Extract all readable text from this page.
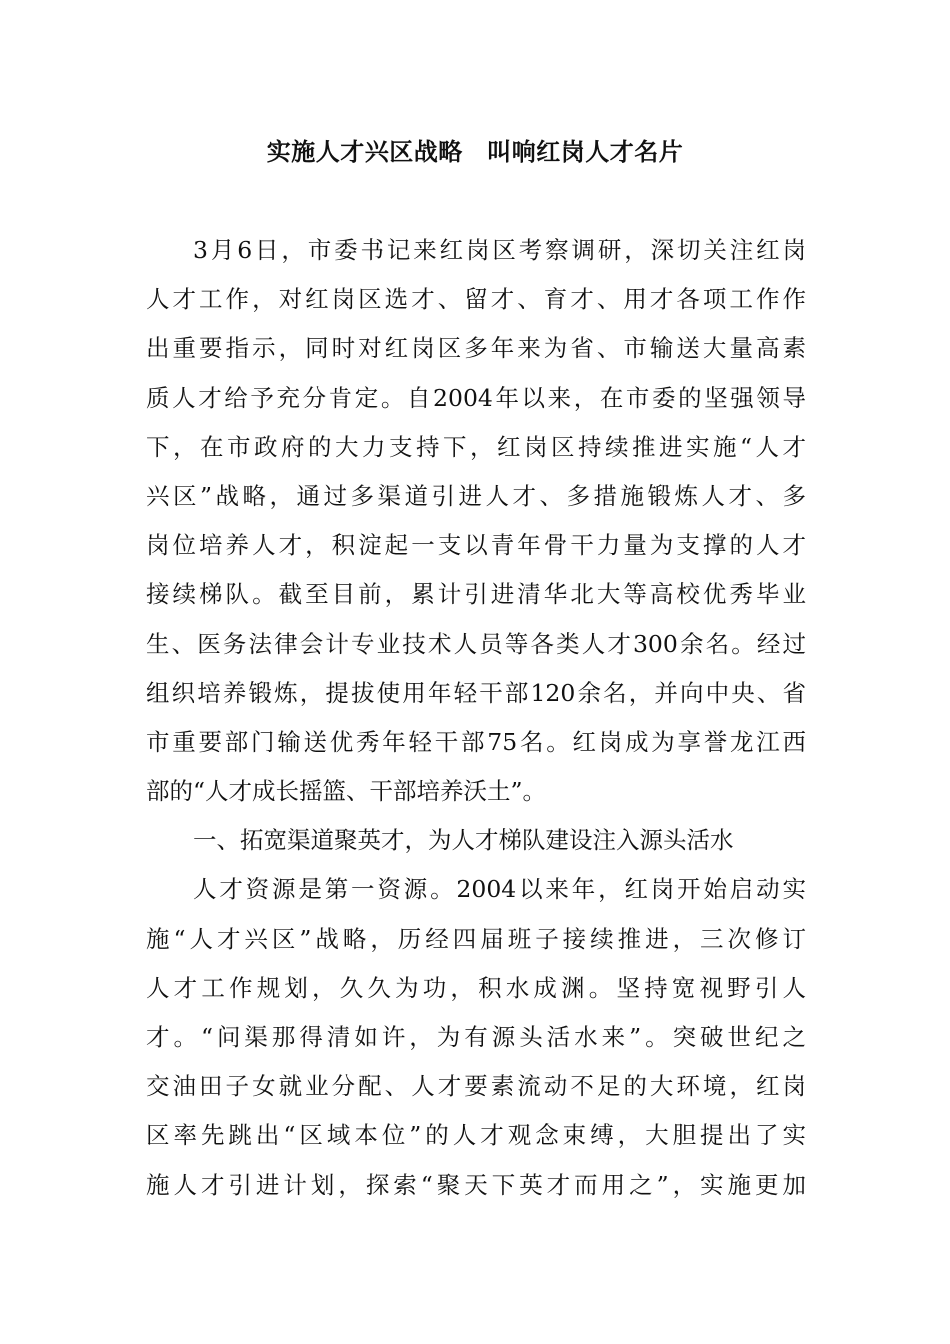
实施人才兴区战略　叫响红岗人才名片
3月6日，市委书记来红岗区考察调研，深切关注红岗
人才工作，对红岗区选才、留才、育才、用才各项工作作
出重要指示，同时对红岗区多年来为省、市输送大量高素
质人才给予充分肯定。自2004年以来，在市委的坚强领导
下，在市政府的大力支持下，红岗区持续推进实施“人才
兴区”战略，通过多渠道引进人才、多措施锻炼人才、多
岗位培养人才，积淀起一支以青年骨干力量为支撑的人才
接续梯队。截至目前，累计引进清华北大等高校优秀毕业
生、医务法律会计专业技术人员等各类人才300余名。经过
组织培养锻炼，提拔使用年轻干部120余名，并向中央、省
市重要部门输送优秀年轻干部75名。红岗成为享誉龙江西
部的“人才成长摇篮、干部培养沃土”。
一、拓宽渠道聚英才，为人才梯队建设注入源头活水
人才资源是第一资源。2004以来年，红岗开始启动实
施“人才兴区”战略，历经四届班子接续推进，三次修订
人才工作规划，久久为功，积水成渊。坚持宽视野引人
才。“问渠那得清如许，为有源头活水来”。突破世纪之
交油田子女就业分配、人才要素流动不足的大环境，红岗
区率先跳出“区域本位”的人才观念束缚，大胆提出了实
施人才引进计划，探索“聚天下英才而用之”，实施更加
